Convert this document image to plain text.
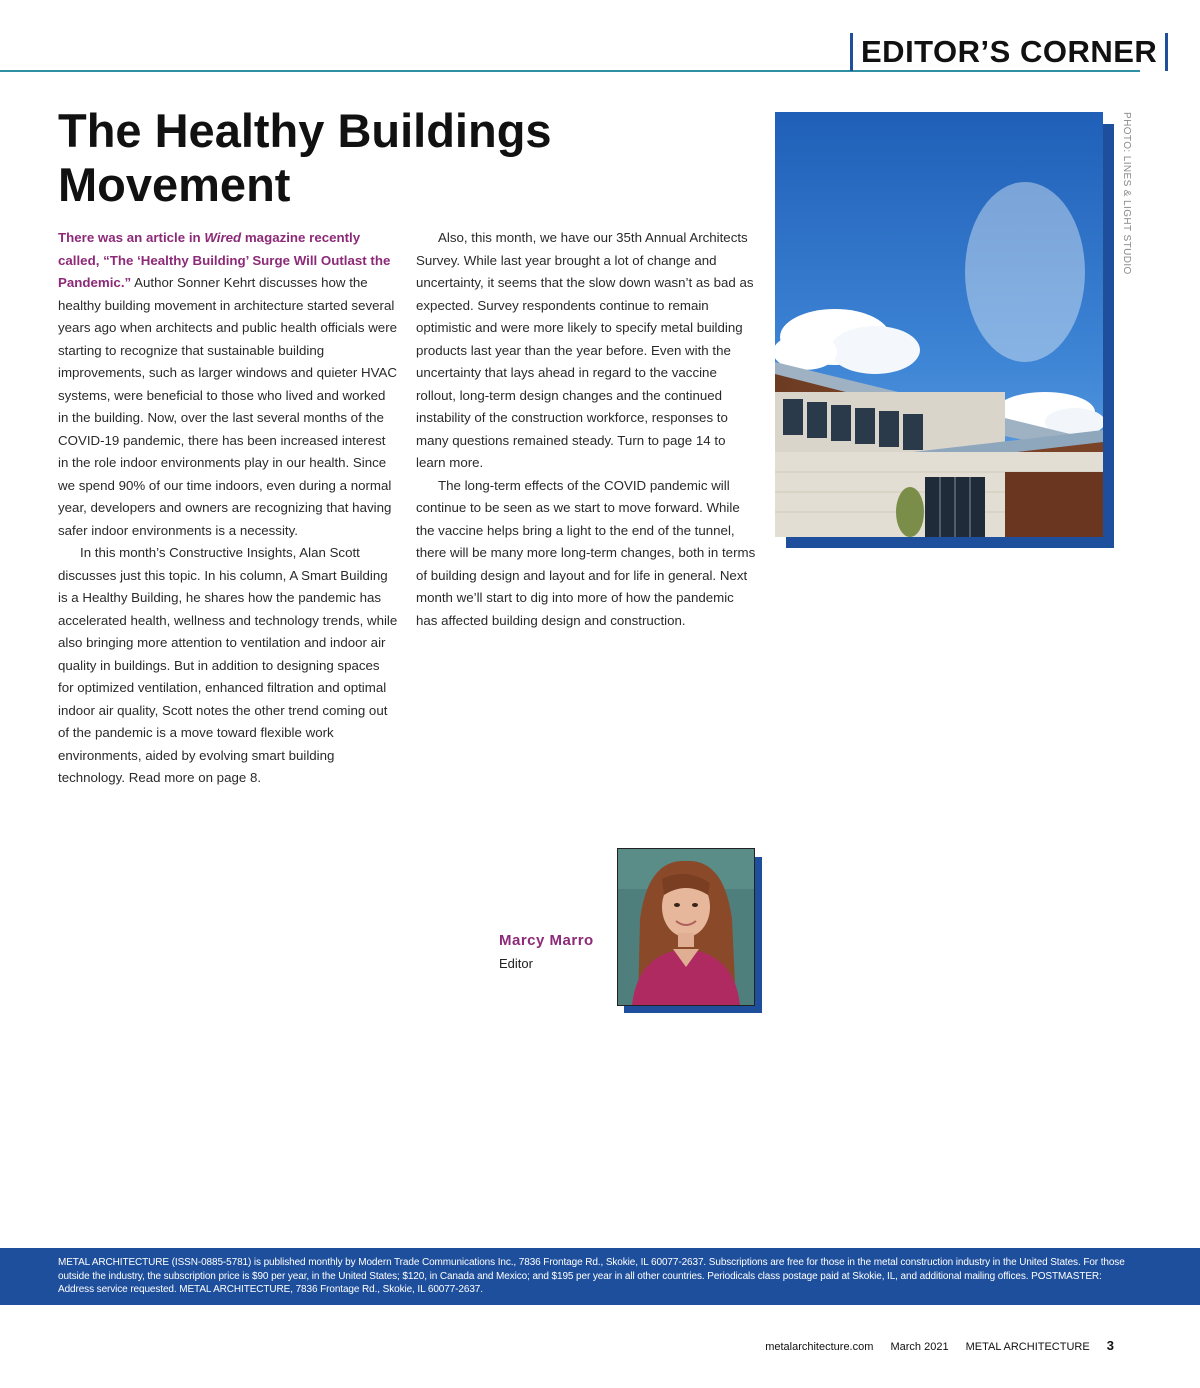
EDITOR’S CORNER
The Healthy Buildings Movement

There was an article in Wired magazine recently called, “The ‘Healthy Building’ Surge Will Outlast the Pandemic.” Author Sonner Kehrt discusses how the healthy building movement in architecture started several years ago when architects and public health officials were starting to recognize that sustainable building improvements, such as larger windows and quieter HVAC systems, were beneficial to those who lived and worked in the building. Now, over the last several months of the COVID-19 pandemic, there has been increased interest in the role indoor environments play in our health. Since we spend 90% of our time indoors, even during a normal year, developers and owners are recognizing that having safer indoor environments is a necessity.

In this month’s Constructive Insights, Alan Scott discusses just this topic. In his column, A Smart Building is a Healthy Building, he shares how the pandemic has accelerated health, wellness and technology trends, while also bringing more attention to ventilation and indoor air quality in buildings. But in addition to designing spaces for optimized ventilation, enhanced filtration and optimal indoor air quality, Scott notes the other trend coming out of the pandemic is a move toward flexible work environments, aided by evolving smart building technology. Read more on page 8.

Also, this month, we have our 35th Annual Architects Survey. While last year brought a lot of change and uncertainty, it seems that the slow down wasn’t as bad as expected. Survey respondents continue to remain optimistic and were more likely to specify metal building products last year than the year before. Even with the uncertainty that lays ahead in regard to the vaccine rollout, long-term design changes and the continued instability of the construction workforce, responses to many questions remained steady. Turn to page 14 to learn more.

The long-term effects of the COVID pandemic will continue to be seen as we start to move forward. While the vaccine helps bring a light to the end of the tunnel, there will be many more long-term changes, both in terms of building design and layout and for life in general. Next month we’ll start to dig into more of how the pandemic has affected building design and construction.

PHOTO: LINES & LIGHT STUDIO
Marcy Marro
Editor
METAL ARCHITECTURE (ISSN-0885-5781) is published monthly by Modern Trade Communications Inc., 7836 Frontage Rd., Skokie, IL 60077-2637. Subscriptions are free for those in the metal construction industry in the United States. For those outside the industry, the subscription price is $90 per year, in the United States; $120, in Canada and Mexico; and $195 per year in all other countries. Periodicals class postage paid at Skokie, IL, and additional mailing offices. POSTMASTER: Address service requested. METAL ARCHITECTURE, 7836 Frontage Rd., Skokie, IL 60077-2637.
metalarchitecture.com March 2021 METAL ARCHITECTURE 3
